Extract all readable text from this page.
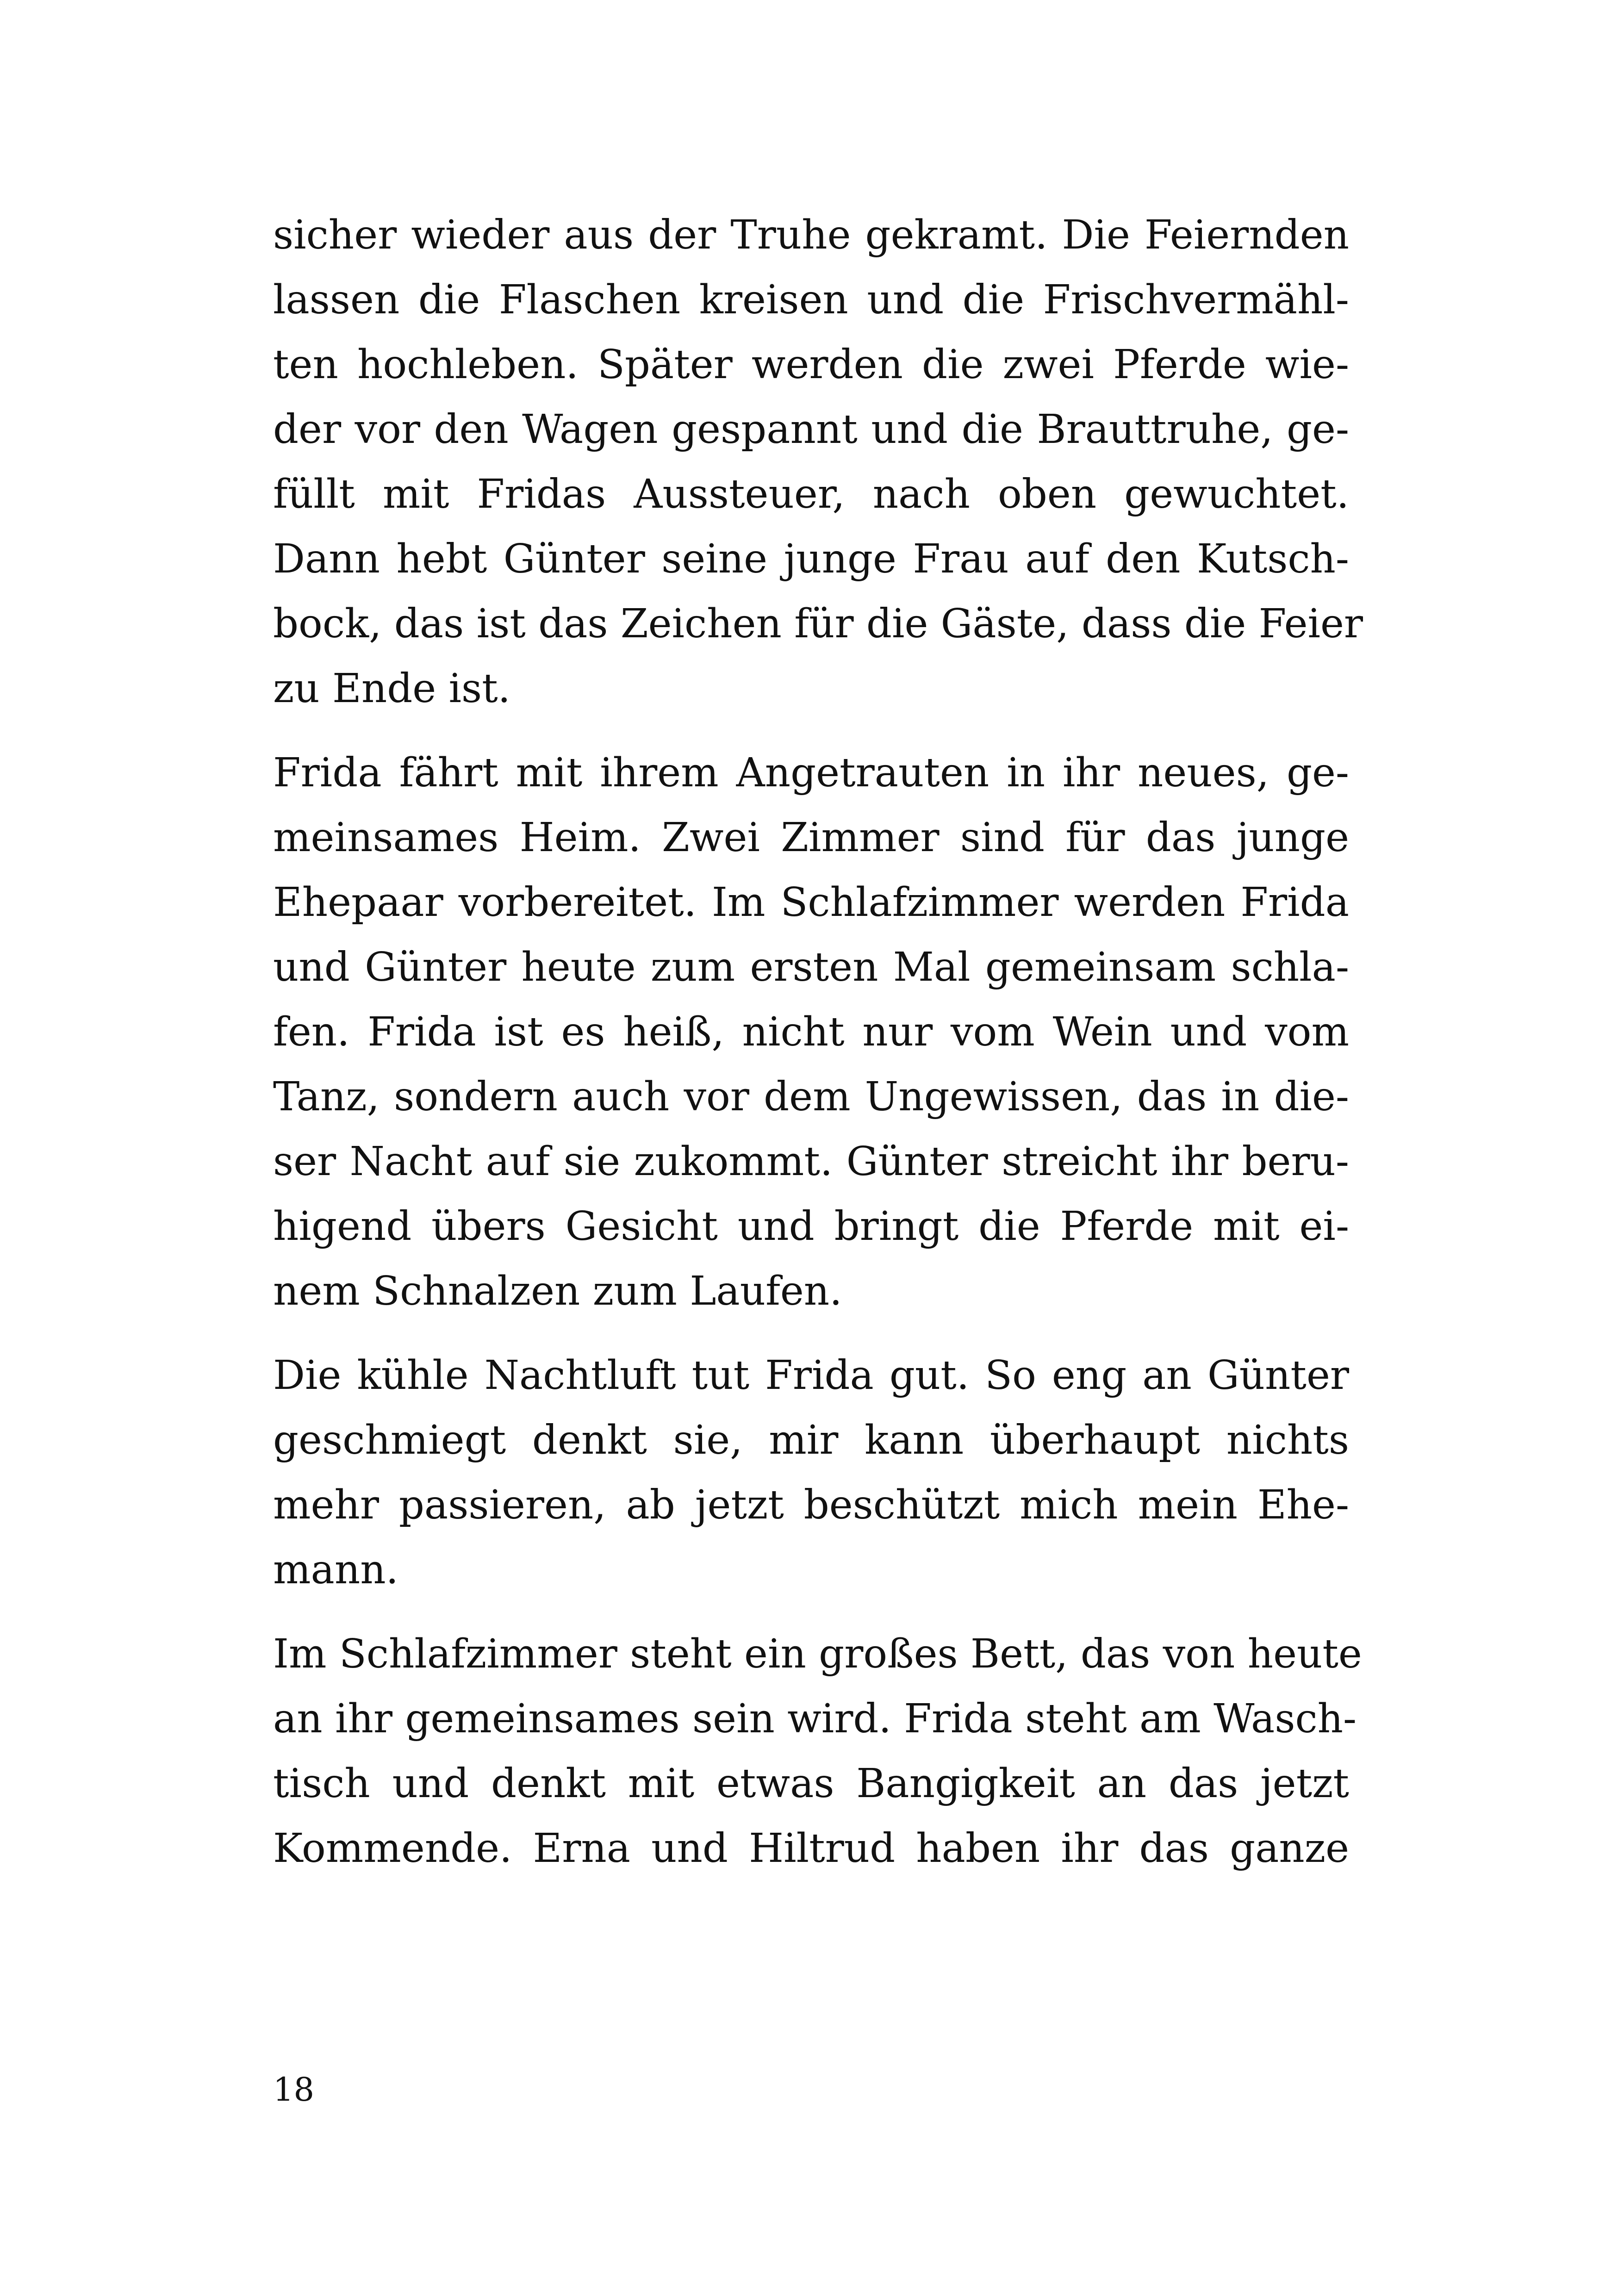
sicher wieder aus der Truhe gekramt. Die Feiernden
lassen die Flaschen kreisen und die Frischvermähl-
ten hochleben. Später werden die zwei Pferde wie-
der vor den Wagen gespannt und die Brauttruhe, ge-
füllt mit Fridas Aussteuer, nach oben gewuchtet.
Dann hebt Günter seine junge Frau auf den Kutsch-
bock, das ist das Zeichen für die Gäste, dass die Feier
zu Ende ist.

Frida fährt mit ihrem Angetrauten in ihr neues, ge-
meinsames Heim. Zwei Zimmer sind für das junge
Ehepaar vorbereitet. Im Schlafzimmer werden Frida
und Günter heute zum ersten Mal gemeinsam schla-
fen. Frida ist es heiß, nicht nur vom Wein und vom
Tanz, sondern auch vor dem Ungewissen, das in die-
ser Nacht auf sie zukommt. Günter streicht ihr beru-
higend übers Gesicht und bringt die Pferde mit ei-
nem Schnalzen zum Laufen.

Die kühle Nachtluft tut Frida gut. So eng an Günter
geschmiegt denkt sie, mir kann überhaupt nichts
mehr passieren, ab jetzt beschützt mich mein Ehe-
mann.

Im Schlafzimmer steht ein großes Bett, das von heute
an ihr gemeinsames sein wird. Frida steht am Wasch-
tisch und denkt mit etwas Bangigkeit an das jetzt
Kommende. Erna und Hiltrud haben ihr das ganze

18
